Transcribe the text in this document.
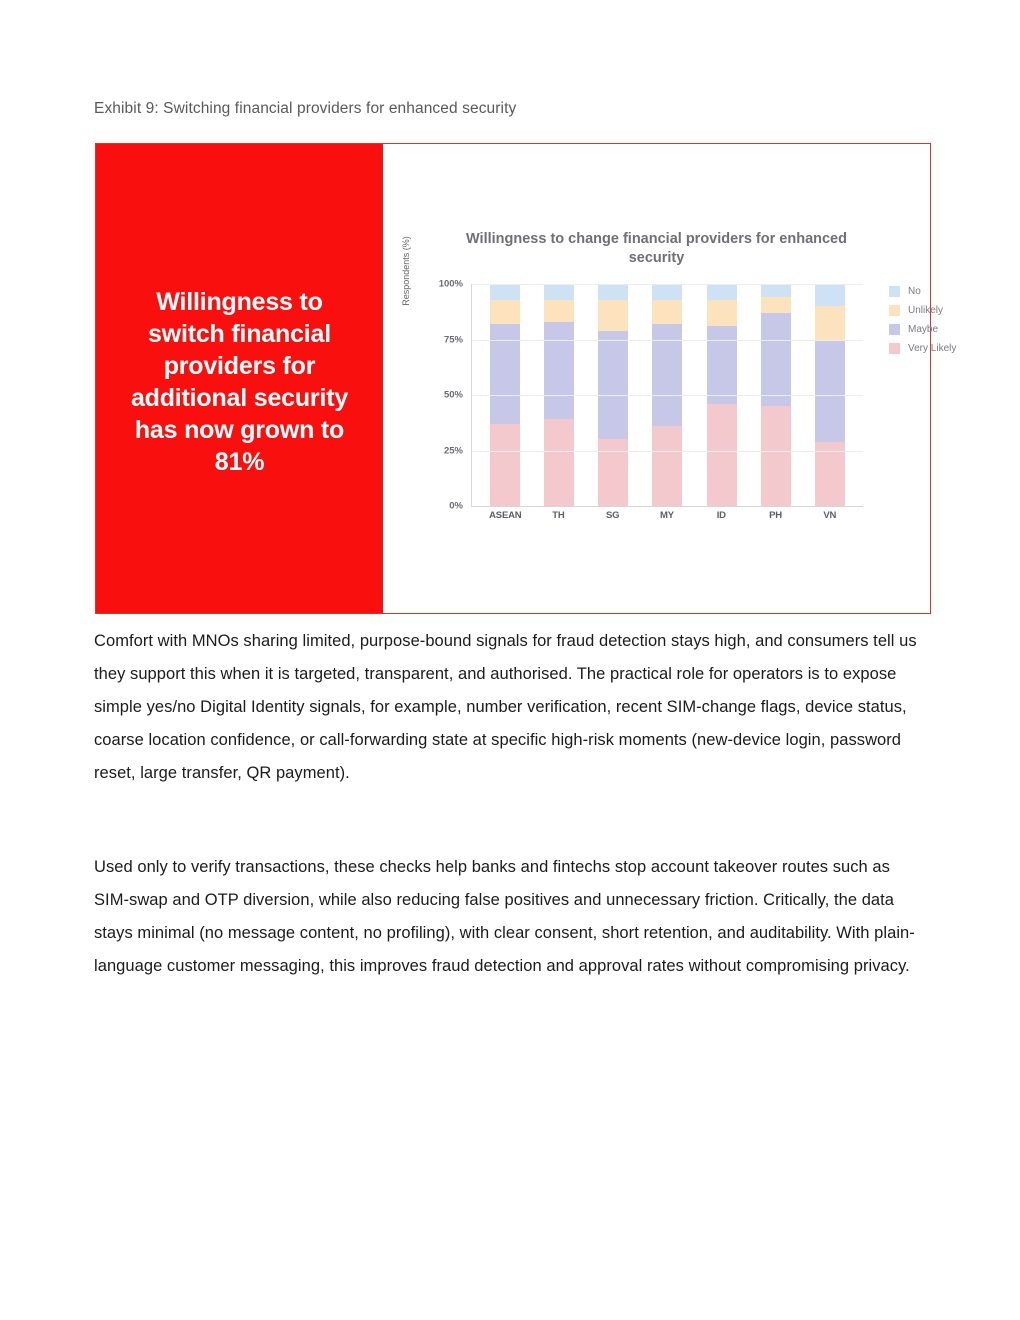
Exhibit 9: Switching financial providers for enhanced security
Willingness to switch financial providers for additional security has now grown to 81%
Willingness to change financial providers for enhanced security
Respondents (%)
0%
25%
50%
75%
100%
ASEAN	TH	SG	MY	ID	PH	VN
No
Unlikely
Maybe
Very Likely
Comfort with MNOs sharing limited, purpose-bound signals for fraud detection stays high, and consumers tell us they support this when it is targeted, transparent, and authorised. The practical role for operators is to expose simple yes/no Digital Identity signals, for example, number verification, recent SIM-change flags, device status, coarse location confidence, or call-forwarding state at specific high-risk moments (new-device login, password reset, large transfer, QR payment).
Used only to verify transactions, these checks help banks and fintechs stop account takeover routes such as SIM-swap and OTP diversion, while also reducing false positives and unnecessary friction. Critically, the data stays minimal (no message content, no profiling), with clear consent, short retention, and auditability. With plain-language customer messaging, this improves fraud detection and approval rates without compromising privacy.
